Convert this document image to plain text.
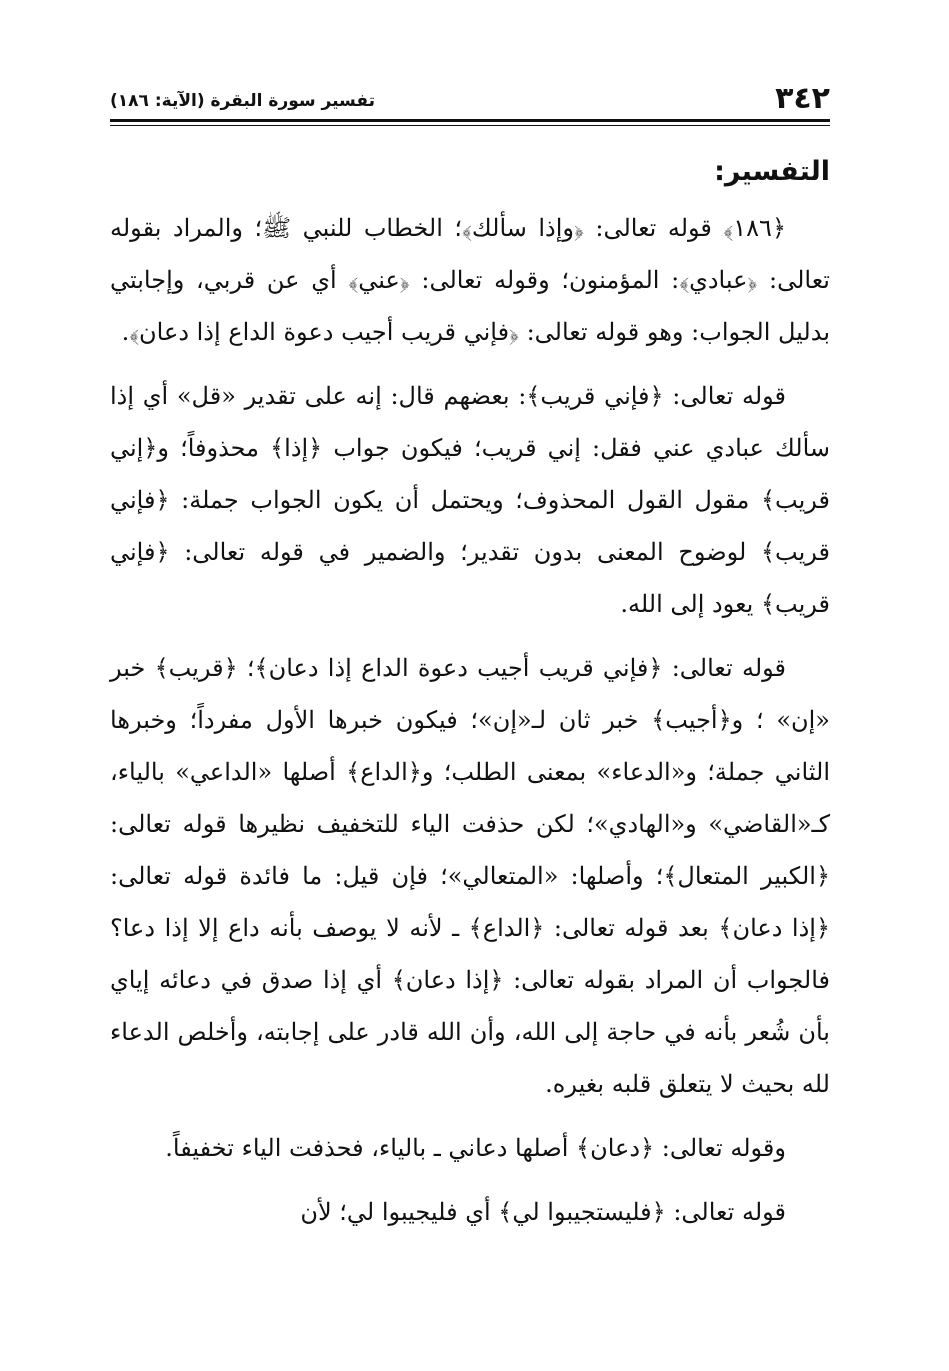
٣٤٢
تفسير سورة البقرة (الآية: ١٨٦)
التفسير:

﴿١٨٦﴾ قوله تعالى: ﴿وإذا سألك﴾؛ الخطاب للنبي ﷺ؛ والمراد بقوله تعالى: ﴿عبادي﴾: المؤمنون؛ وقوله تعالى: ﴿عني﴾ أي عن قربي، وإجابتي بدليل الجواب: وهو قوله تعالى: ﴿فإني قريب أجيب دعوة الداع إذا دعان﴾.

قوله تعالى: ﴿فإني قريب﴾: بعضهم قال: إنه على تقدير «قل» أي إذا سألك عبادي عني فقل: إني قريب؛ فيكون جواب ﴿إذا﴾ محذوفاً؛ و﴿إني قريب﴾ مقول القول المحذوف؛ ويحتمل أن يكون الجواب جملة: ﴿فإني قريب﴾ لوضوح المعنى بدون تقدير؛ والضمير في قوله تعالى: ﴿فإني قريب﴾ يعود إلى الله.

قوله تعالى: ﴿فإني قريب أجيب دعوة الداع إذا دعان﴾؛ ﴿قريب﴾ خبر «إن» ؛ و﴿أجيب﴾ خبر ثان لـ«إن»؛ فيكون خبرها الأول مفرداً؛ وخبرها الثاني جملة؛ و«الدعاء» بمعنى الطلب؛ و﴿الداع﴾ أصلها «الداعي» بالياء، كـ«القاضي» و«الهادي»؛ لكن حذفت الياء للتخفيف نظيرها قوله تعالى: ﴿الكبير المتعال﴾؛ وأصلها: «المتعالي»؛ فإن قيل: ما فائدة قوله تعالى: ﴿إذا دعان﴾ بعد قوله تعالى: ﴿الداع﴾ ـ لأنه لا يوصف بأنه داع إلا إذا دعا؟ فالجواب أن المراد بقوله تعالى: ﴿إذا دعان﴾ أي إذا صدق في دعائه إياي بأن شُعر بأنه في حاجة إلى الله، وأن الله قادر على إجابته، وأخلص الدعاء لله بحيث لا يتعلق قلبه بغيره.

وقوله تعالى: ﴿دعان﴾ أصلها دعاني ـ بالياء، فحذفت الياء تخفيفاً.

قوله تعالى: ﴿فليستجيبوا لي﴾ أي فليجيبوا لي؛ لأن
